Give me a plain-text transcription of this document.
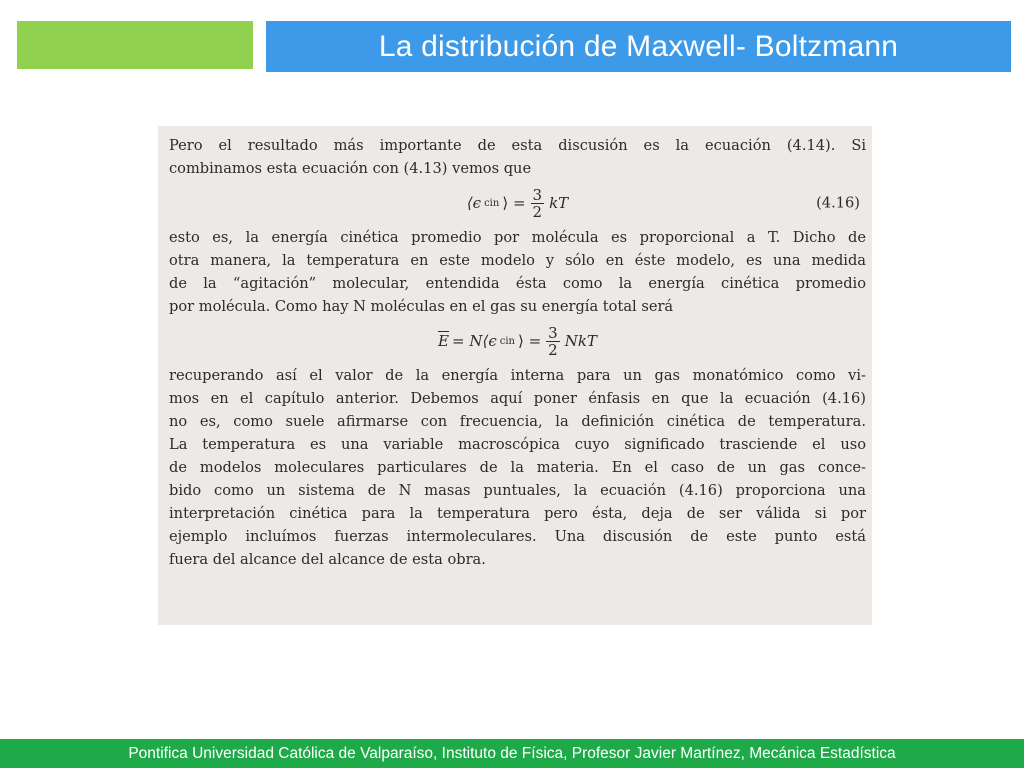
La distribución de Maxwell- Boltzmann

Pero el resultado más importante de esta discusión es la ecuación (4.14). Si
combinamos esta ecuación con (4.13) vemos que

⟨ϵ cin ⟩ = $\frac{3}{2}$ kT	(4.16)

esto es, la energía cinética promedio por molécula es proporcional a T. Dicho de
otra manera, la temperatura en este modelo y sólo en éste modelo, es una medida
de la “agitación” molecular, entendida ésta como la energía cinética promedio
por molécula. Como hay N moléculas en el gas su energía total será

$\overline{E}$ = N⟨ϵ cin ⟩ = $\frac{3}{2}$ NkT

recuperando así el valor de la energía interna para un gas monatómico como vi-
mos en el capítulo anterior. Debemos aquí poner énfasis en que la ecuación (4.16)
no es, como suele afirmarse con frecuencia, la definición cinética de temperatura.
La temperatura es una variable macroscópica cuyo significado trasciende el uso
de modelos moleculares particulares de la materia. En el caso de un gas conce-
bido como un sistema de N masas puntuales, la ecuación (4.16) proporciona una
interpretación cinética para la temperatura pero ésta, deja de ser válida si por
ejemplo incluímos fuerzas intermoleculares. Una discusión de este punto está
fuera del alcance del alcance de esta obra.

Pontifica Universidad Católica de Valparaíso, Instituto de Física, Profesor Javier Martínez, Mecánica Estadística
